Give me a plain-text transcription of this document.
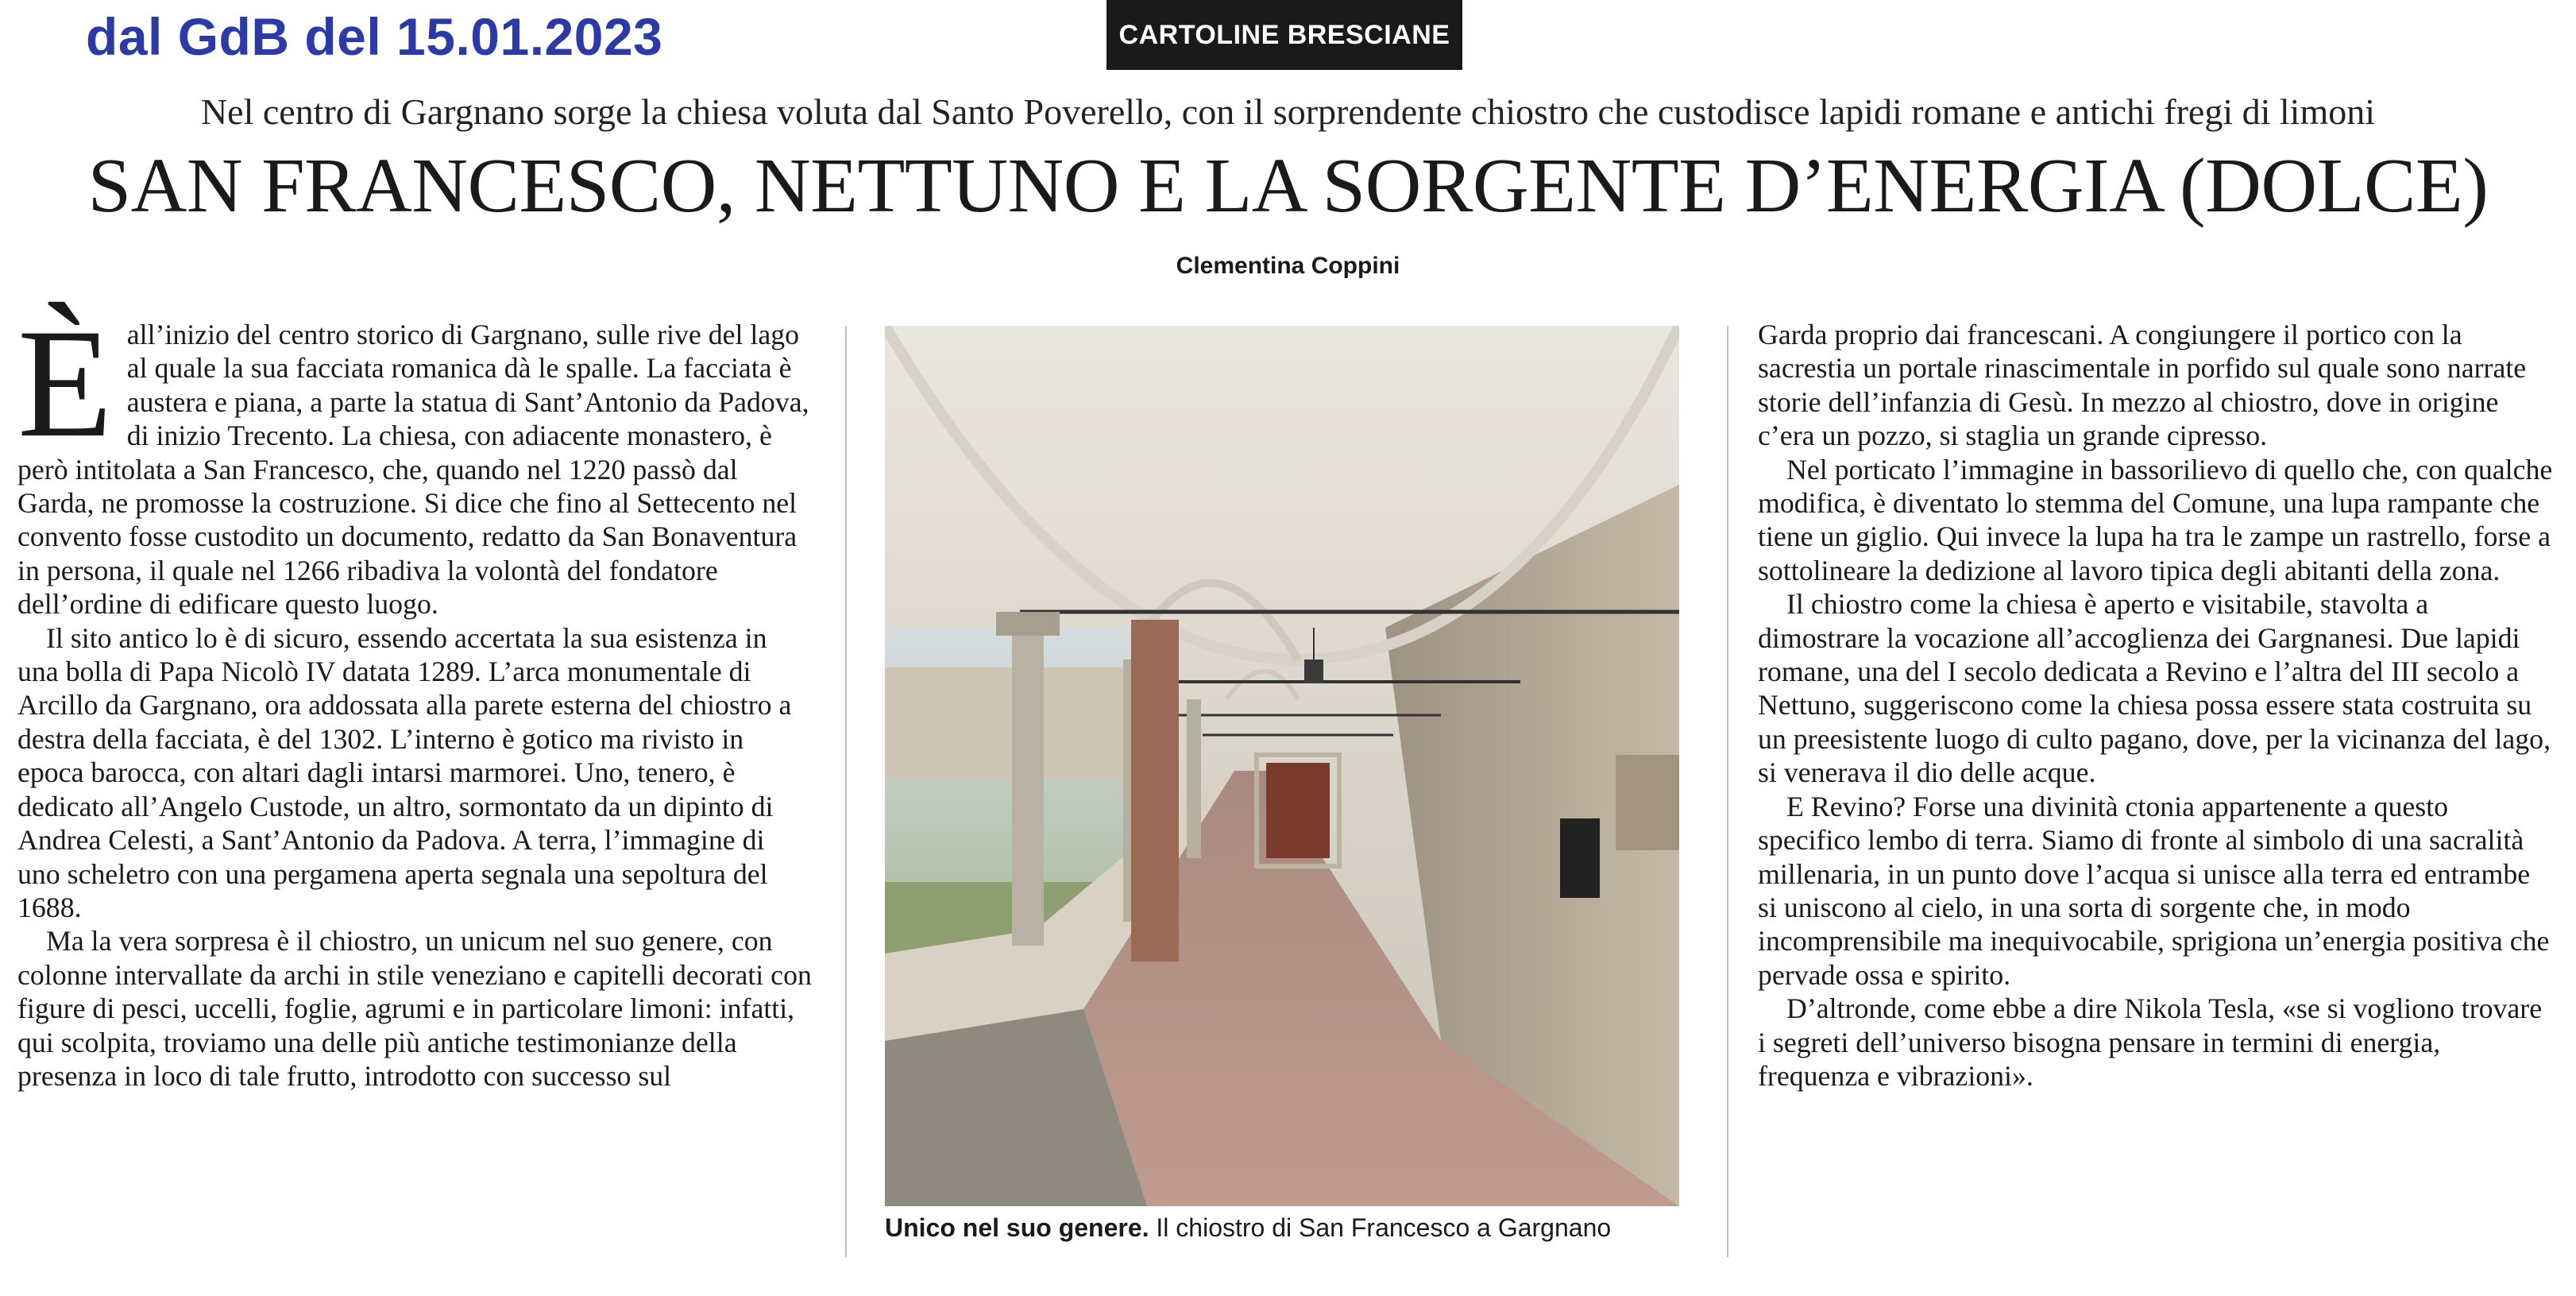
dal GdB del 15.01.2023	CARTOLINE BRESCIANE
Nel centro di Gargnano sorge la chiesa voluta dal Santo Poverello, con il sorprendente chiostro che custodisce lapidi romane e antichi fregi di limoni
SAN FRANCESCO, NETTUNO E LA SORGENTE D’ENERGIA (DOLCE)
Clementina Coppini
È all’inizio del centro storico di Gargnano, sulle rive del lago al quale la sua facciata romanica dà le spalle. La facciata è austera e piana, a parte la statua di Sant’Antonio da Padova, di inizio Trecento. La chiesa, con adiacente monastero, è però intitolata a San Francesco, che, quando nel 1220 passò dal Garda, ne promosse la costruzione. Si dice che fino al Settecento nel convento fosse custodito un documento, redatto da San Bonaventura in persona, il quale nel 1266 ribadiva la volontà del fondatore dell’ordine di edificare questo luogo.

Il sito antico lo è di sicuro, essendo accertata la sua esistenza in una bolla di Papa Nicolò IV datata 1289. L’arca monumentale di Arcillo da Gargnano, ora addossata alla parete esterna del chiostro a destra della facciata, è del 1302. L’interno è gotico ma rivisto in epoca barocca, con altari dagli intarsi marmorei. Uno, tenero, è dedicato all’Angelo Custode, un altro, sormontato da un dipinto di Andrea Celesti, a Sant’Antonio da Padova. A terra, l’immagine di uno scheletro con una pergamena aperta segnala una sepoltura del 1688.

Ma la vera sorpresa è il chiostro, un unicum nel suo genere, con colonne intervallate da archi in stile veneziano e capitelli decorati con figure di pesci, uccelli, foglie, agrumi e in particolare limoni: infatti, qui scolpita, troviamo una delle più antiche testimonianze della presenza in loco di tale frutto, introdotto con successo sul

Unico nel suo genere. Il chiostro di San Francesco a Gargnano

Garda proprio dai francescani. A congiungere il portico con la sacrestia un portale rinascimentale in porfido sul quale sono narrate storie dell’infanzia di Gesù. In mezzo al chiostro, dove in origine c’era un pozzo, si staglia un grande cipresso.

Nel porticato l’immagine in bassorilievo di quello che, con qualche modifica, è diventato lo stemma del Comune, una lupa rampante che tiene un giglio. Qui invece la lupa ha tra le zampe un rastrello, forse a sottolineare la dedizione al lavoro tipica degli abitanti della zona.

Il chiostro come la chiesa è aperto e visitabile, stavolta a dimostrare la vocazione all’accoglienza dei Gargnanesi. Due lapidi romane, una del I secolo dedicata a Revino e l’altra del III secolo a Nettuno, suggeriscono come la chiesa possa essere stata costruita su un preesistente luogo di culto pagano, dove, per la vicinanza del lago, si venerava il dio delle acque.

E Revino? Forse una divinità ctonia appartenente a questo specifico lembo di terra. Siamo di fronte al simbolo di una sacralità millenaria, in un punto dove l’acqua si unisce alla terra ed entrambe si uniscono al cielo, in una sorta di sorgente che, in modo incomprensibile ma inequivocabile, sprigiona un’energia positiva che pervade ossa e spirito.

D’altronde, come ebbe a dire Nikola Tesla, «se si vogliono trovare i segreti dell’universo bisogna pensare in termini di energia, frequenza e vibrazioni».
